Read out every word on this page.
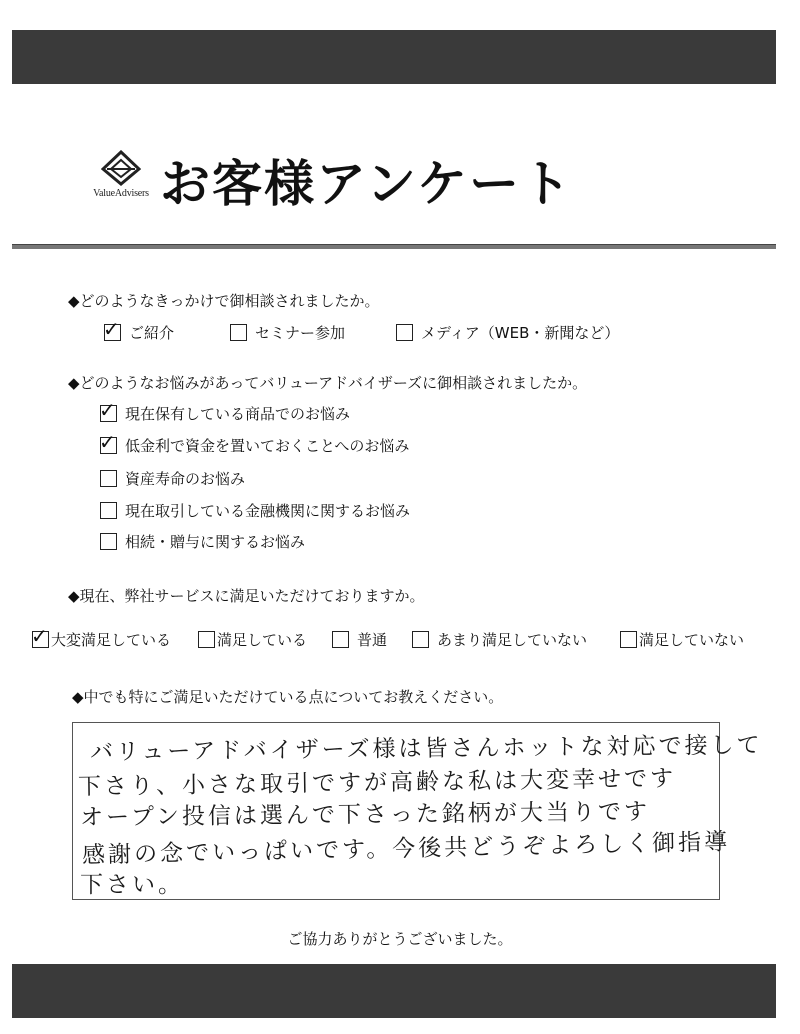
ValueAdvisers お客様アンケート
◆どのようなきっかけで御相談されましたか。
✓ ご紹介	セミナー参加	メディア（WEB・新聞など）
◆どのようなお悩みがあってバリューアドバイザーズに御相談されましたか。
✓ 現在保有している商品でのお悩み
✓ 低金利で資金を置いておくことへのお悩み
資産寿命のお悩み
現在取引している金融機関に関するお悩み
相続・贈与に関するお悩み
◆現在、弊社サービスに満足いただけておりますか。
✓ 大変満足している	満足している	普通	あまり満足していない	満足していない
◆中でも特にご満足いただけている点についてお教えください。
バリューアドバイザーズ様は皆さんホットな対応で接して
下さり、小さな取引ですが高齢な私は大変幸せです
オープン投信は選んで下さった銘柄が大当りです
感謝の念でいっぱいです。今後共どうぞよろしく御指導
下さい。
ご協力ありがとうございました。
